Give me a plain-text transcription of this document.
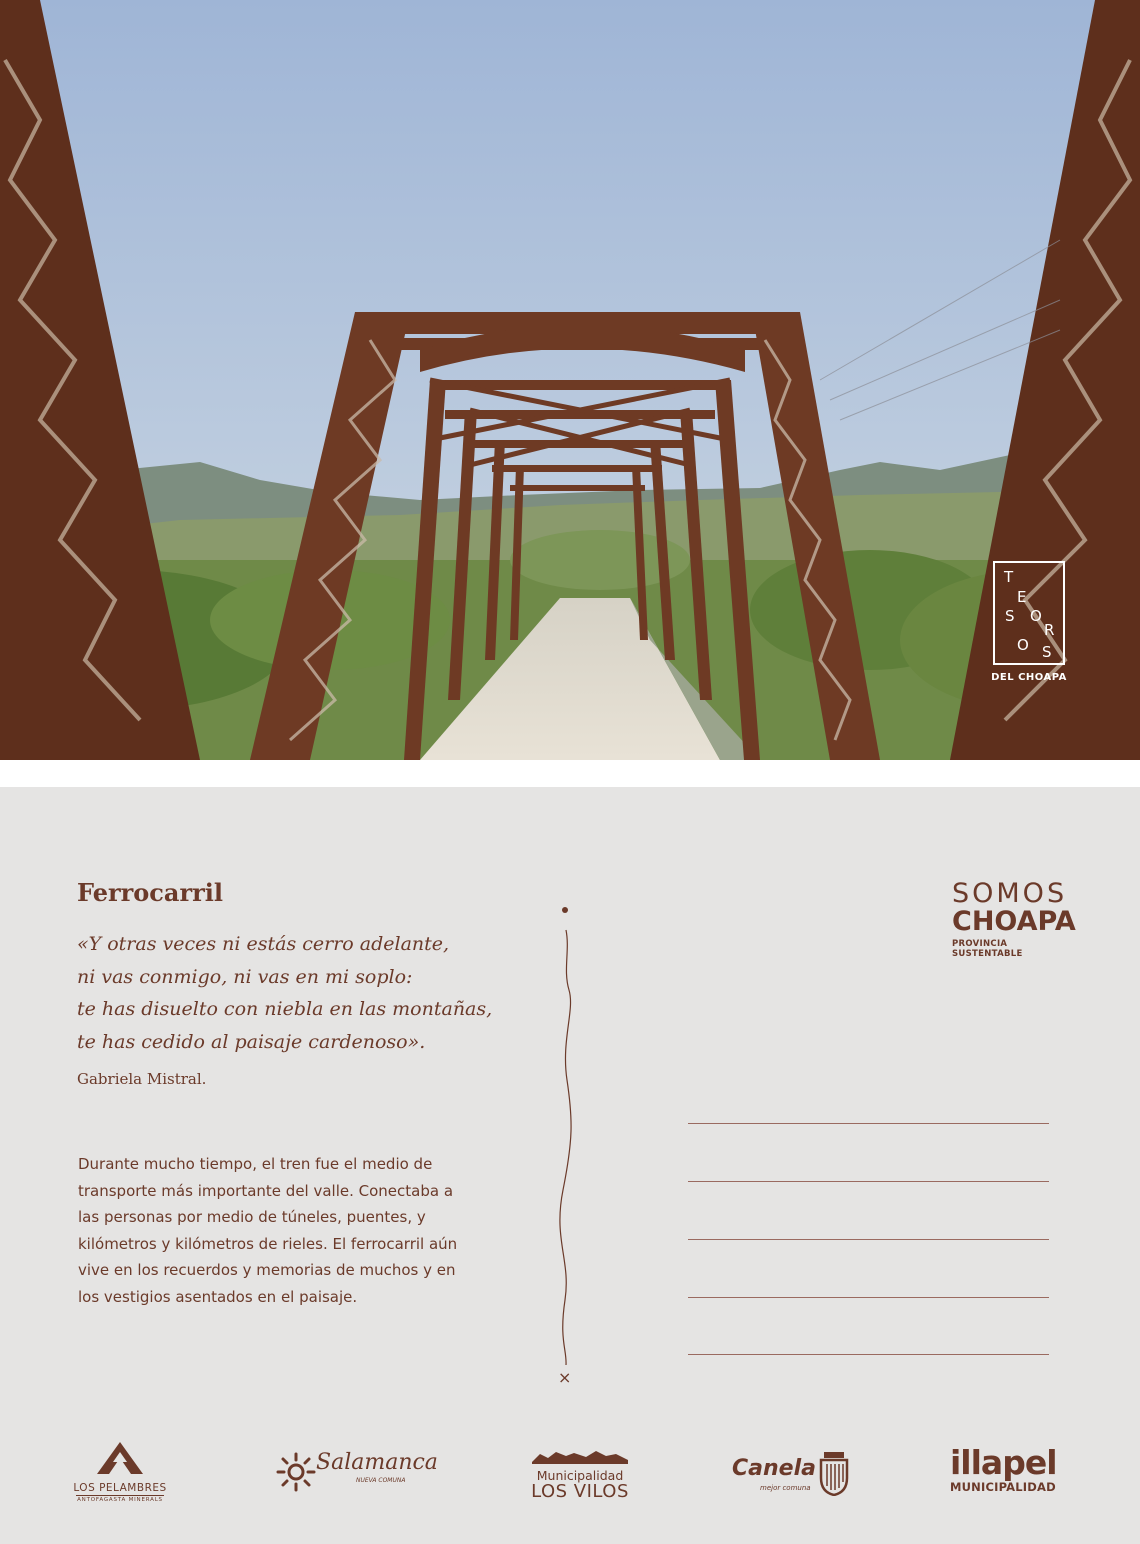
T
E
S O
R
O S
DEL CHOAPA
Ferrocarril
«Y otras veces ni estás cerro adelante,
ni vas conmigo, ni vas en mi soplo:
te has disuelto con niebla en las montañas,
te has cedido al paisaje cardenoso».
Gabriela Mistral.
Durante mucho tiempo, el tren fue el medio de transporte más importante del valle. Conectaba a las personas por medio de túneles, puentes, y kilómetros y kilómetros de rieles. El ferrocarril aún vive en los recuerdos y memorias de muchos y en los vestigios asentados en el paisaje.
×
SOMOS
CHOAPA
PROVINCIA SUSTENTABLE
LOS PELAMBRES
ANTOFAGASTA MINERALS
Salamanca
NUEVA COMUNA	Municipalidad
LOS VILOS
Canela
mejor comuna
illapel
MUNICIPALIDAD
